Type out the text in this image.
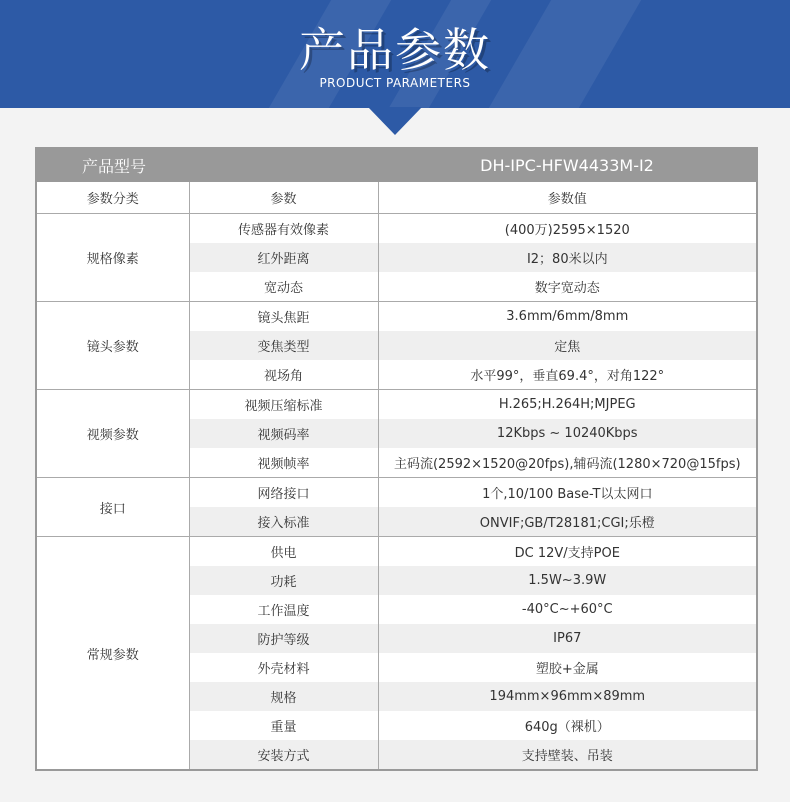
产品参数
PRODUCT PARAMETERS
产品型号		DH-IPC-HFW4433M-I2
参数分类	参数	参数值
规格像素	传感器有效像素	(400万)2595×1520
	红外距离	I2；80米以内
	宽动态	数字宽动态
镜头参数	镜头焦距	3.6mm/6mm/8mm
	变焦类型	定焦
	视场角	水平99°，垂直69.4°，对角122°
视频参数	视频压缩标准	H.265;H.264H;MJPEG
	视频码率	12Kbps ~ 10240Kbps
	视频帧率	主码流(2592×1520@20fps),辅码流(1280×720@15fps)
接口	网络接口	1个,10/100 Base-T以太网口
	接入标准	ONVIF;GB/T28181;CGI;乐橙
常规参数	供电	DC 12V/支持POE
	功耗	1.5W~3.9W
	工作温度	-40°C~+60°C
	防护等级	IP67
	外壳材料	塑胶+金属
	规格	194mm×96mm×89mm
	重量	640g（裸机）
	安装方式	支持壁装、吊装
